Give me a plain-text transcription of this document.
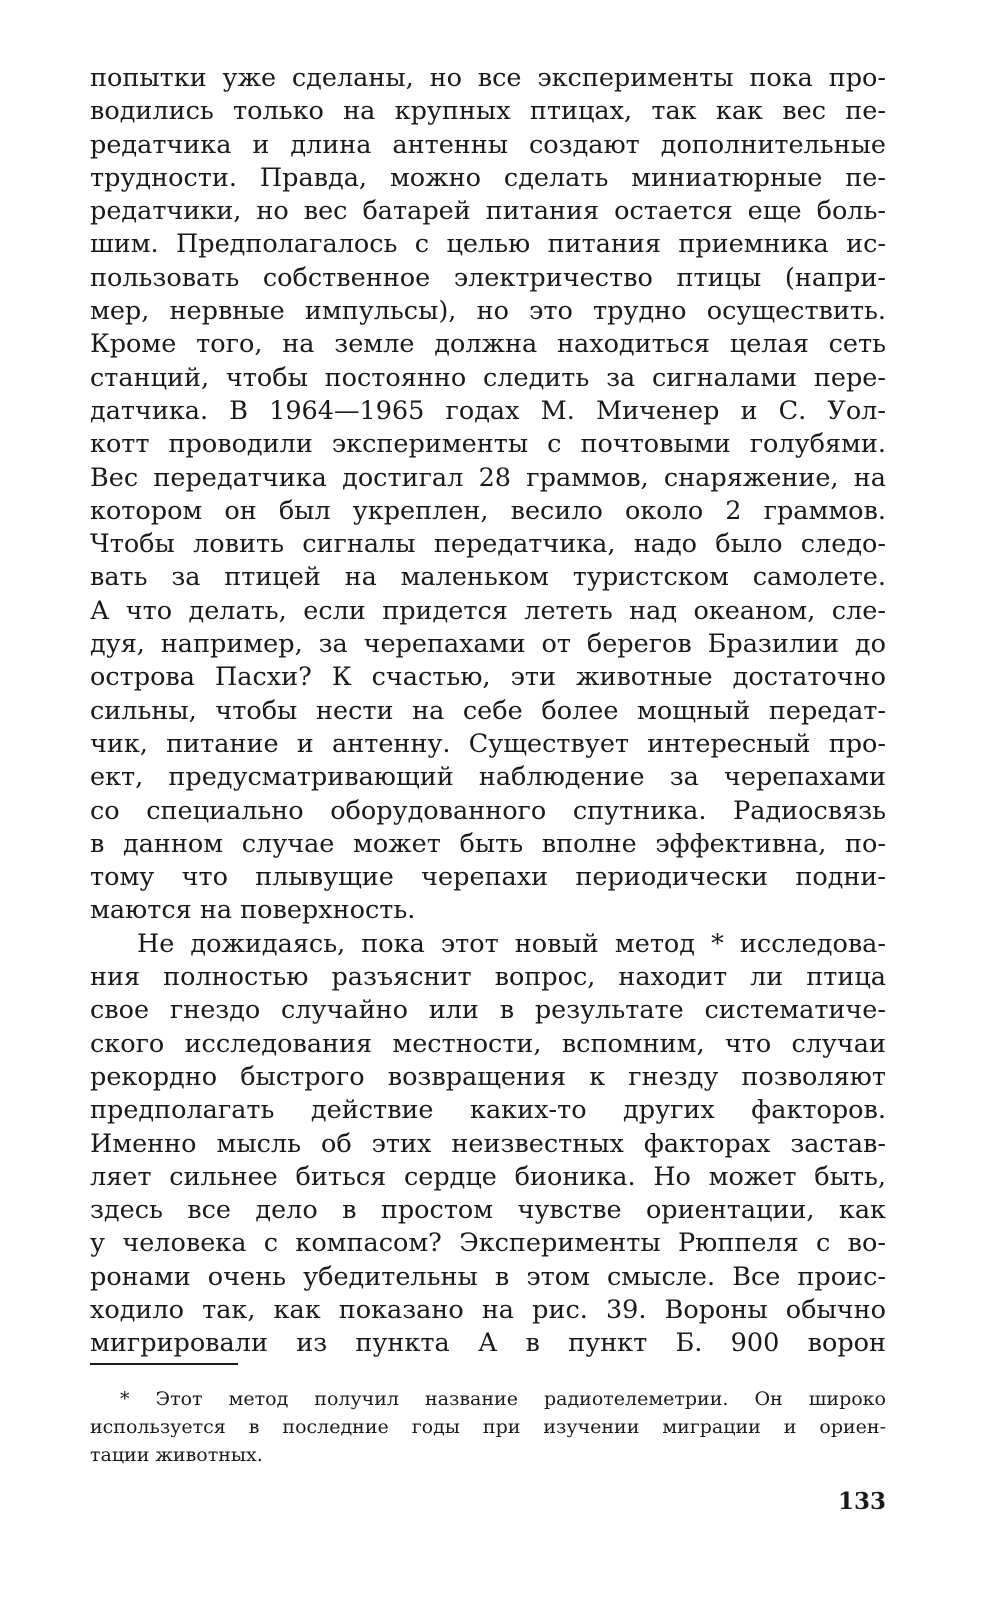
попытки уже сделаны, но все эксперименты пока про-
водились только на крупных птицах, так как вес пе-
редатчика и длина антенны создают дополнительные
трудности. Правда, можно сделать миниатюрные пе-
редатчики, но вес батарей питания остается еще боль-
шим. Предполагалось с целью питания приемника ис-
пользовать собственное электричество птицы (напри-
мер, нервные импульсы), но это трудно осуществить.
Кроме того, на земле должна находиться целая сеть
станций, чтобы постоянно следить за сигналами пере-
датчика. В 1964—1965 годах М. Миченер и С. Уол-
котт проводили эксперименты с почтовыми голубями.
Вес передатчика достигал 28 граммов, снаряжение, на
котором он был укреплен, весило около 2 граммов.
Чтобы ловить сигналы передатчика, надо было следо-
вать за птицей на маленьком туристском самолете.
А что делать, если придется лететь над океаном, сле-
дуя, например, за черепахами от берегов Бразилии до
острова Пасхи? К счастью, эти животные достаточно
сильны, чтобы нести на себе более мощный передат-
чик, питание и антенну. Существует интересный про-
ект, предусматривающий наблюдение за черепахами
со специально оборудованного спутника. Радиосвязь
в данном случае может быть вполне эффективна, по-
тому что плывущие черепахи периодически подни-
маются на поверхность.
Не дожидаясь, пока этот новый метод * исследова-
ния полностью разъяснит вопрос, находит ли птица
свое гнездо случайно или в результате систематиче-
ского исследования местности, вспомним, что случаи
рекордно быстрого возвращения к гнезду позволяют
предполагать действие каких-то других факторов.
Именно мысль об этих неизвестных факторах застав-
ляет сильнее биться сердце бионика. Но может быть,
здесь все дело в простом чувстве ориентации, как
у человека с компасом? Эксперименты Рюппеля с во-
ронами очень убедительны в этом смысле. Все проис-
ходило так, как показано на рис. 39. Вороны обычно
мигрировали из пункта А в пункт Б. 900 ворон
* Этот метод получил название радиотелеметрии. Он широко
используется в последние годы при изучении миграции и ориен-
тации животных.
133
